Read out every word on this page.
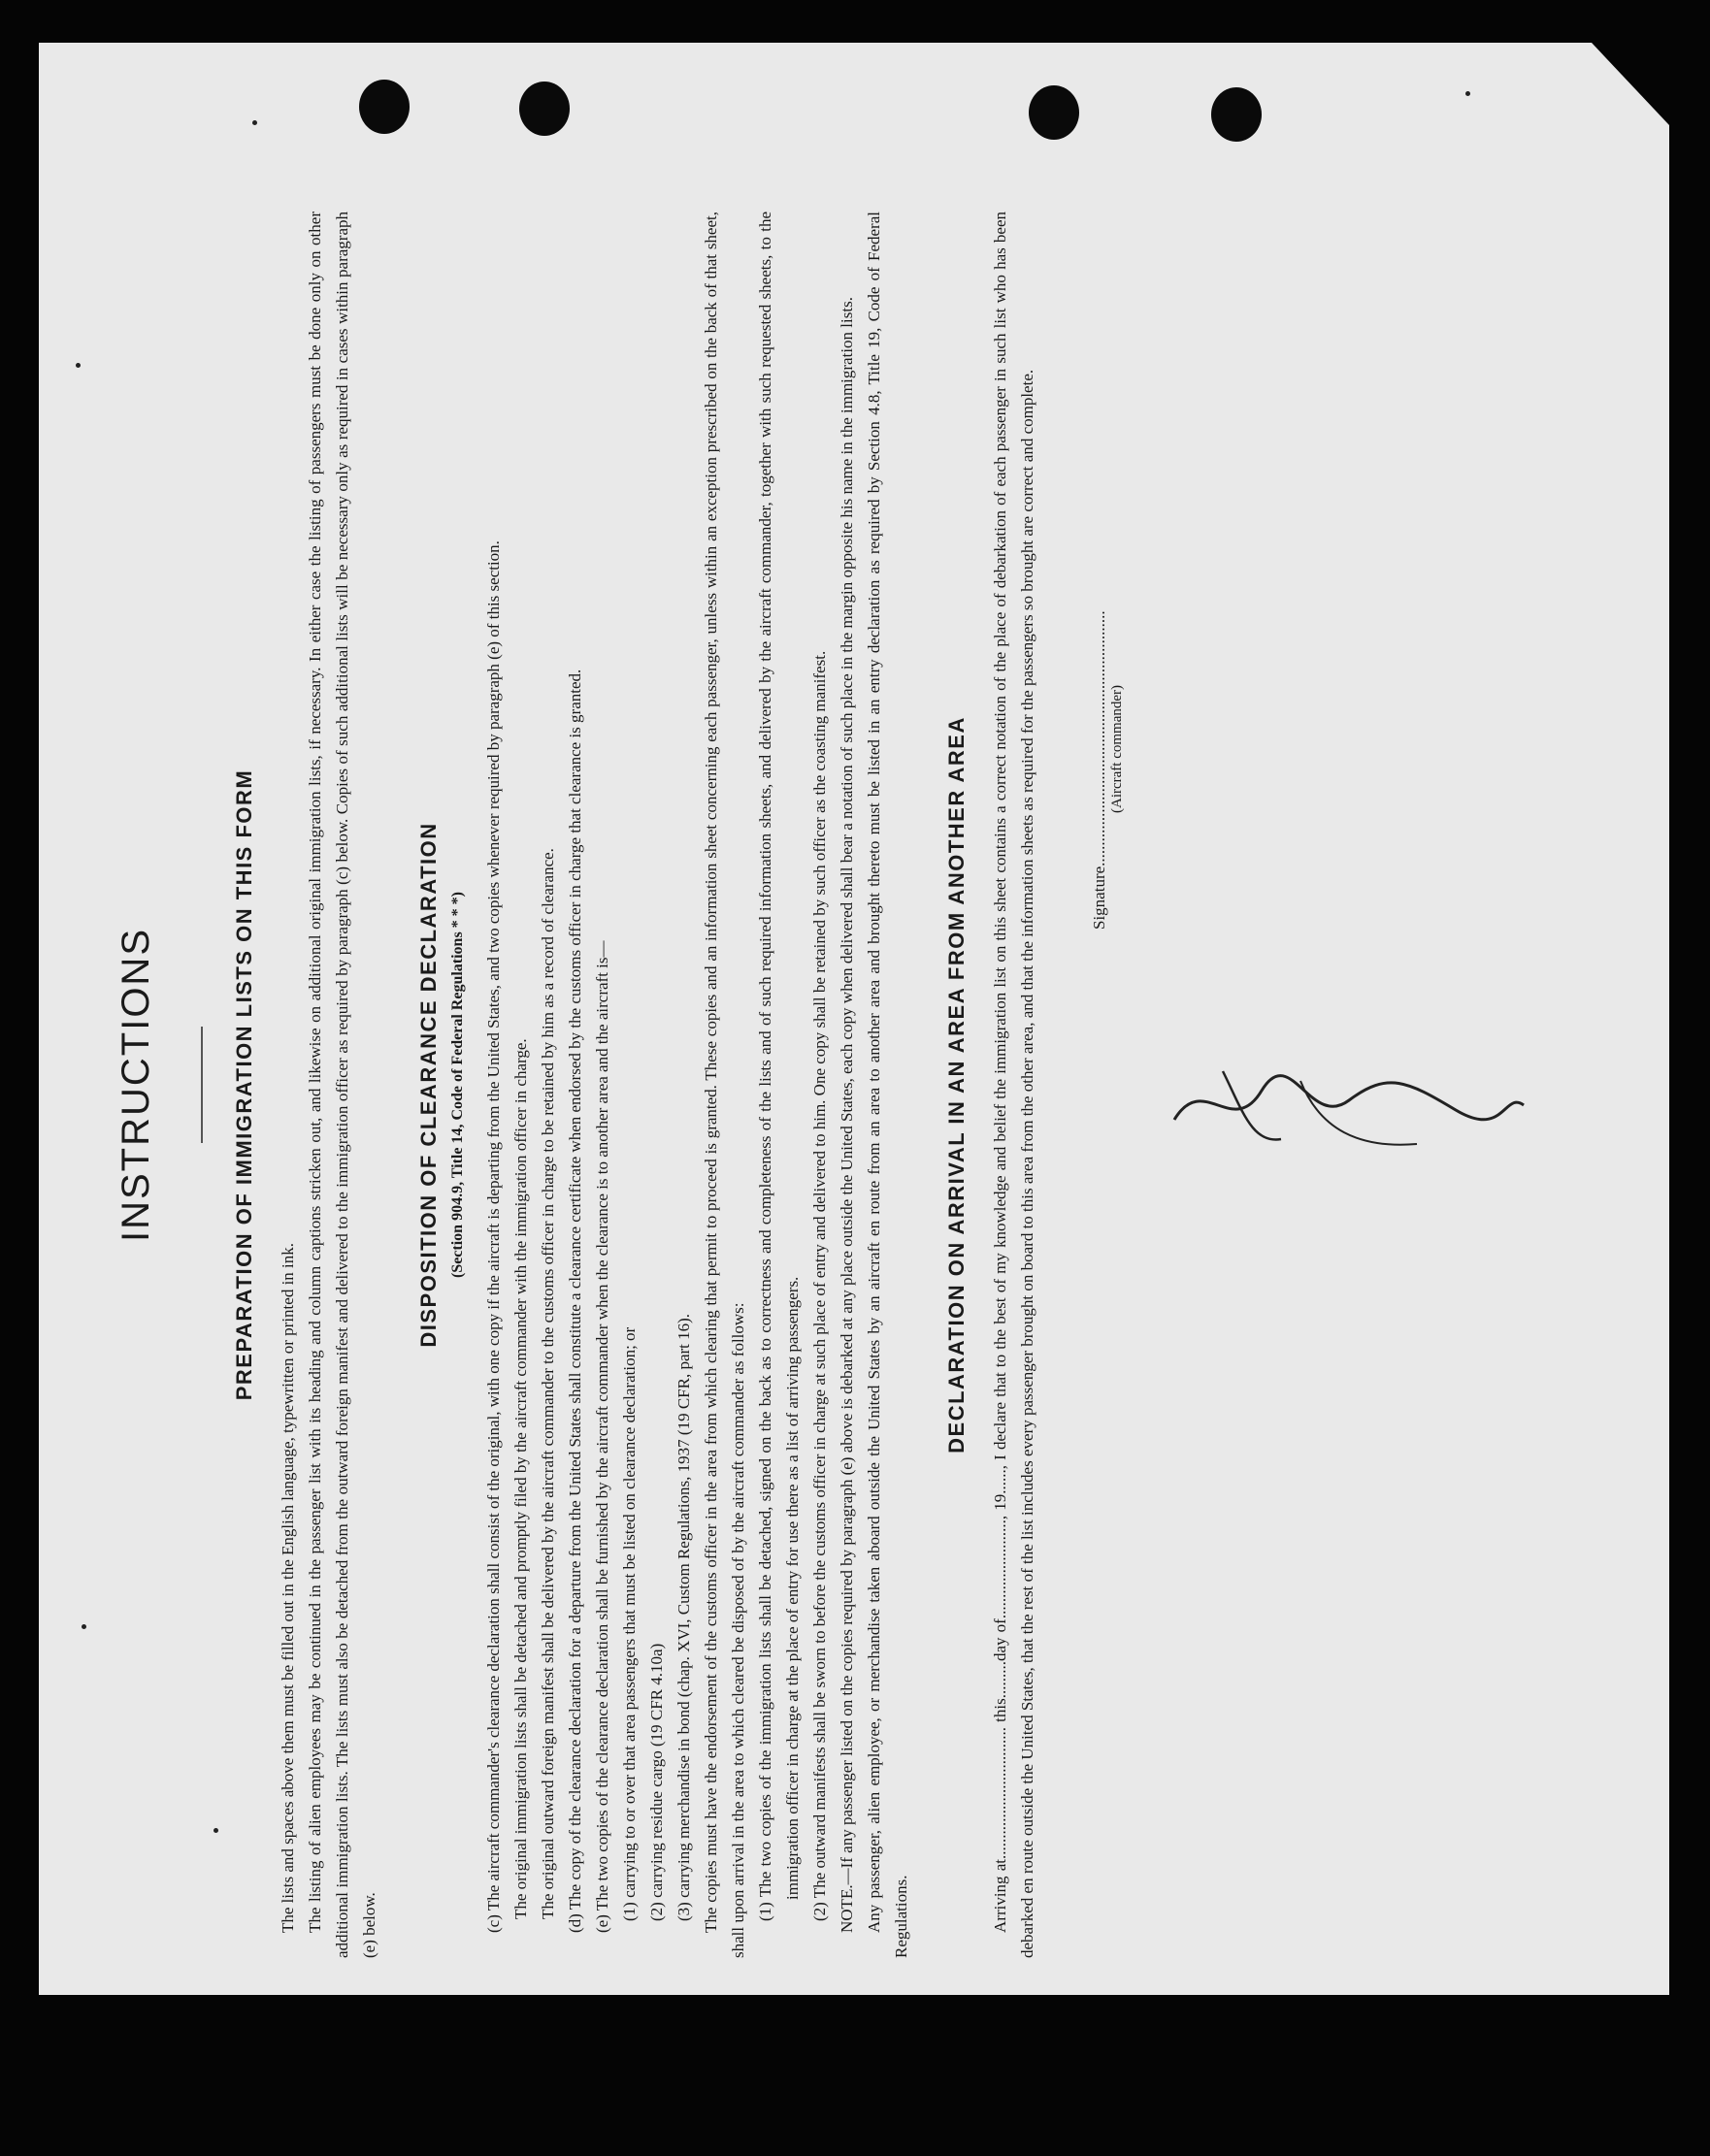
INSTRUCTIONS	PREPARATION OF IMMIGRATION LISTS ON THIS FORM

The lists and spaces above them must be filled out in the English language, typewritten or printed in ink. The listing of alien employees may be continued in the passenger list with its heading and column captions stricken out, and likewise on additional original immigration lists, if necessary. In either case the listing of passengers must be done only on other additional immigration lists. The lists must also be detached from the outward foreign manifest and delivered to the immigration officer as required by paragraph (c) below. Copies of such additional lists will be necessary only as required in cases within paragraph (e) below.

DISPOSITION OF CLEARANCE DECLARATION (Section 904.9, Title 14, Code of Federal Regulations * * *) (c) The aircraft commander's clearance declaration shall consist of the original, with one copy if the aircraft is departing from the United States, and two copies whenever required by paragraph (e) of this section. The original immigration lists shall be detached and promptly filed by the aircraft commander with the immigration officer in charge. The original outward foreign manifest shall be delivered by the aircraft commander to the customs officer in charge to be retained by him as a record of clearance. (d) The copy of the clearance declaration for a departure from the United States shall constitute a clearance certificate when endorsed by the customs officer in charge that clearance is granted. (e) The two copies of the clearance declaration shall be furnished by the aircraft commander when the clearance is to another area and the aircraft is— (1) carrying to or over that area passengers that must be listed on clearance declaration; or (2) carrying residue cargo (19 CFR 4.10a) (3) carrying merchandise in bond (chap. XVI, Custom Regulations, 1937 (19 CFR, part 16). The copies must have the endorsement of the customs officer in the area from which clearing that permit to proceed is granted. These copies and an information sheet concerning each passenger, unless within an exception prescribed on the back of that sheet, shall upon arrival in the area to which cleared be disposed of by the aircraft commander as follows: (1) The two copies of the immigration lists shall be detached, signed on the back as to correctness and completeness of the lists and of such required information sheets, and delivered by the aircraft commander, together with such requested sheets, to the immigration officer in charge at the place of entry for use there as a list of arriving passengers. (2) The outward manifests shall be sworn to before the customs officer in charge at such place of entry and delivered to him. One copy shall be retained by such officer as the coasting manifest. NOTE.—If any passenger listed on the copies required by paragraph (e) above is debarked at any place outside the United States, each copy when delivered shall bear a notation of such place in the margin opposite his name in the immigration lists. Any passenger, alien employee, or merchandise taken aboard outside the United States by an aircraft en route from an area to another area and brought thereto must be listed in an entry declaration as required by Section 4.8, Title 19, Code of Federal Regulations.

DECLARATION ON ARRIVAL IN AN AREA FROM ANOTHER AREA Arriving at................................ this.........day of........................, 19......, I declare that to the best of my knowledge and belief the immigration list on this sheet contains a correct notation of the place of debarkation of each passenger in such list who has been debarked en route outside the United States, that the rest of the list includes every passenger brought on board to this area from the other area, and that the information sheets as required for the passengers so brought are correct and complete.	Signature.............................................................. (Aircraft commander)
